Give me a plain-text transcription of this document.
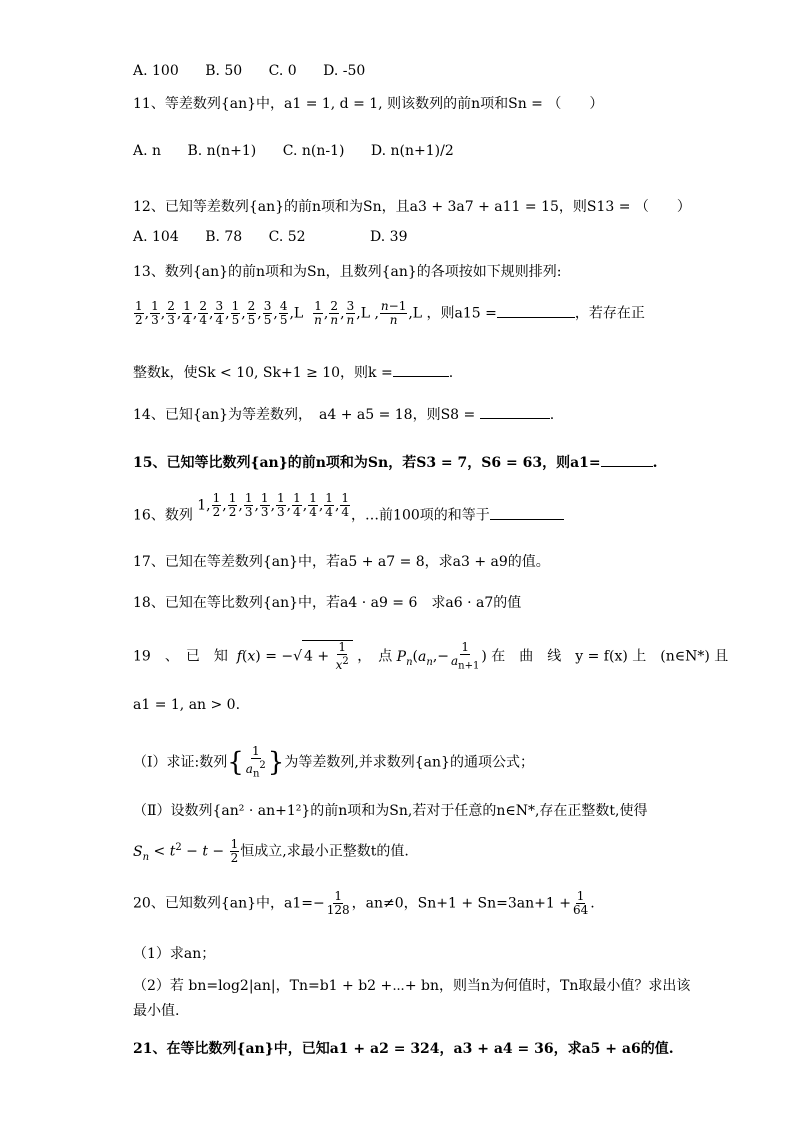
A. 100 B. 50 C. 0 D. -50
11、等差数列{an}中，a1 = 1, d = 1, 则该数列的前n项和Sn = （　　）
A. n B. n(n+1) C. n(n-1) D. n(n+1)/2
12、已知等差数列{an}的前n项和为Sn，且a3 + 3a7 + a11 = 15，则S13 = （　　）
A. 104 B. 78 C. 52	D. 39
13、数列{an}的前n项和为Sn，且数列{an}的各项按如下规则排列:
$\frac{1}{2}$ , $\frac{1}{3}$ , $\frac{2}{3}$ , $\frac{1}{4}$ , $\frac{2}{4}$ , $\frac{3}{4}$ , $\frac{1}{5}$ , $\frac{2}{5}$ , $\frac{3}{5}$ , $\frac{4}{5} ,L \frac{1}{n}$ , $\frac{2}{n}$ , $\frac{3}{n} ,L$ , $\frac{n-1}{n} ,L$ ，则a15 =	，若存在正
整数k，使Sk < 10, Sk+1 ≥ 10，则k =	.
14、已知{an}为等差数列，　a4 + a5 = 18，则S8 =	.
15、已知等比数列{an}的前n项和为Sn，若S3 = 7，S6 = 63，则a1=	.
16、数列 1, $\frac{1}{2}$ , $\frac{1}{2}$ , $\frac{1}{3}$ , $\frac{1}{3}$ , $\frac{1}{3}$ , $\frac{1}{4}$ , $\frac{1}{4}$ , $\frac{1}{4}$ , $\frac{1}{4}$ ，…前100项的和等于
17、已知在等差数列{an}中，若a5 + a7 = 8，求a3 + a9的值。
18、已知在等比数列{an}中，若a4 · a9 = 6　求a6 · a7的值
19　、　已　知 f(x) = −√ $4 + \frac{1}{x^2}$ ，　点 $P_n(a_n,- \frac{1}{a_{n+1}}$ ) 在　曲　线　y = f(x) 上　(n∈N*) 且
a1 = 1, an > 0.
（Ⅰ）求证:数列{ $\frac{1}{a_n^2}$ }为等差数列,并求数列{an}的通项公式；
（Ⅱ）设数列{an² · an+1²}的前n项和为Sn,若对于任意的n∈N*,存在正整数t,使得
$S_n < t^2 - t - \frac{1}{2}$ 恒成立,求最小正整数t的值.
20、已知数列{an}中，$a1=- \frac{1}{128}$ ，an≠0，$Sn+1 + Sn=3an+1 + \frac{1}{64}$ .
（1）求an；
（2）若 bn=log2|an|，Tn=b1 + b2 +⋯+ bn，则当n为何值时，Tn取最小值？求出该
最小值.
21、在等比数列{an}中，已知a1 + a2 = 324，a3 + a4 = 36，求a5 + a6的值.
